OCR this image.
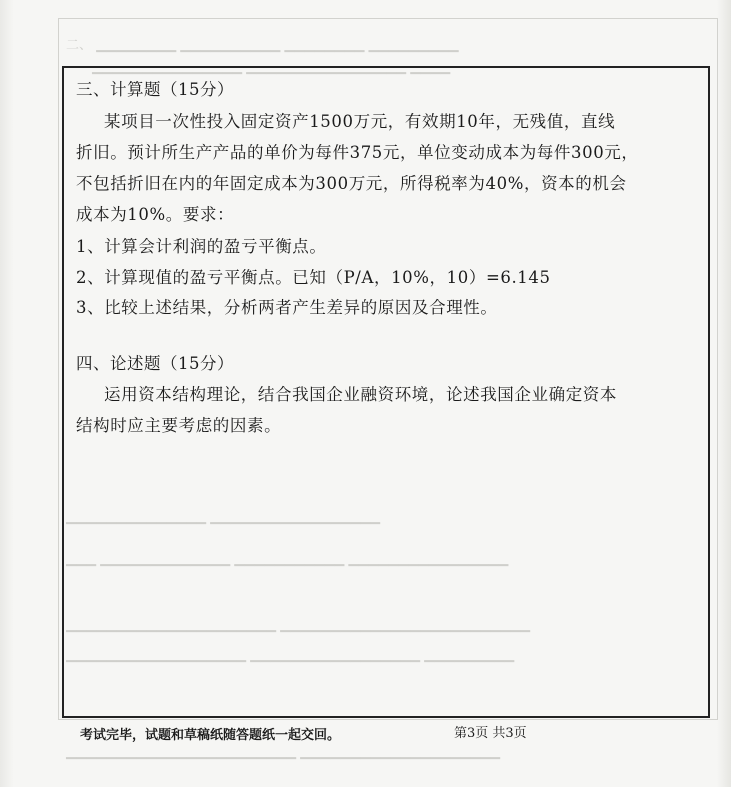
二、 ▁▁▁▁▁▁▁▁ ▁▁▁▁▁▁▁▁▁▁ ▁▁▁▁▁▁▁▁ ▁▁▁▁▁▁▁▁▁
▁▁▁▁▁▁▁▁▁▁▁▁▁▁▁ ▁▁▁▁▁▁▁▁▁▁▁▁▁▁▁▁ ▁▁▁▁
▁▁▁▁▁▁▁▁▁▁▁▁▁▁ ▁▁▁▁▁▁▁▁▁▁▁▁▁▁▁▁▁
▁▁▁ ▁▁▁▁▁▁▁▁▁▁▁▁▁ ▁▁▁▁▁▁▁▁▁▁▁ ▁▁▁▁▁▁▁▁▁▁▁▁▁▁▁▁
▁▁▁▁▁▁▁▁▁▁▁▁▁▁▁▁▁▁▁▁▁ ▁▁▁▁▁▁▁▁▁▁▁▁▁▁▁▁▁▁▁▁▁▁▁▁▁
▁▁▁▁▁▁▁▁▁▁▁▁▁▁▁▁▁▁ ▁▁▁▁▁▁▁▁▁▁▁▁▁▁▁▁▁ ▁▁▁▁▁▁▁▁▁
▁▁▁▁▁▁▁▁▁▁▁▁▁▁▁▁▁▁▁▁▁▁▁ ▁▁▁▁▁▁▁▁▁▁▁▁▁▁▁▁▁▁▁▁
三、计算题（15分）
某项目一次性投入固定资产1500万元，有效期10年，无残值，直线
折旧。预计所生产产品的单价为每件375元，单位变动成本为每件300元，
不包括折旧在内的年固定成本为300万元，所得税率为40%，资本的机会
成本为10%。要求：
1、计算会计利润的盈亏平衡点。
2、计算现值的盈亏平衡点。已知（P/A，10%，10）=6.145
3、比较上述结果，分析两者产生差异的原因及合理性。
四、论述题（15分）
运用资本结构理论，结合我国企业融资环境，论述我国企业确定资本
结构时应主要考虑的因素。
考试完毕，试题和草稿纸随答题纸一起交回。	第3页 共3页
